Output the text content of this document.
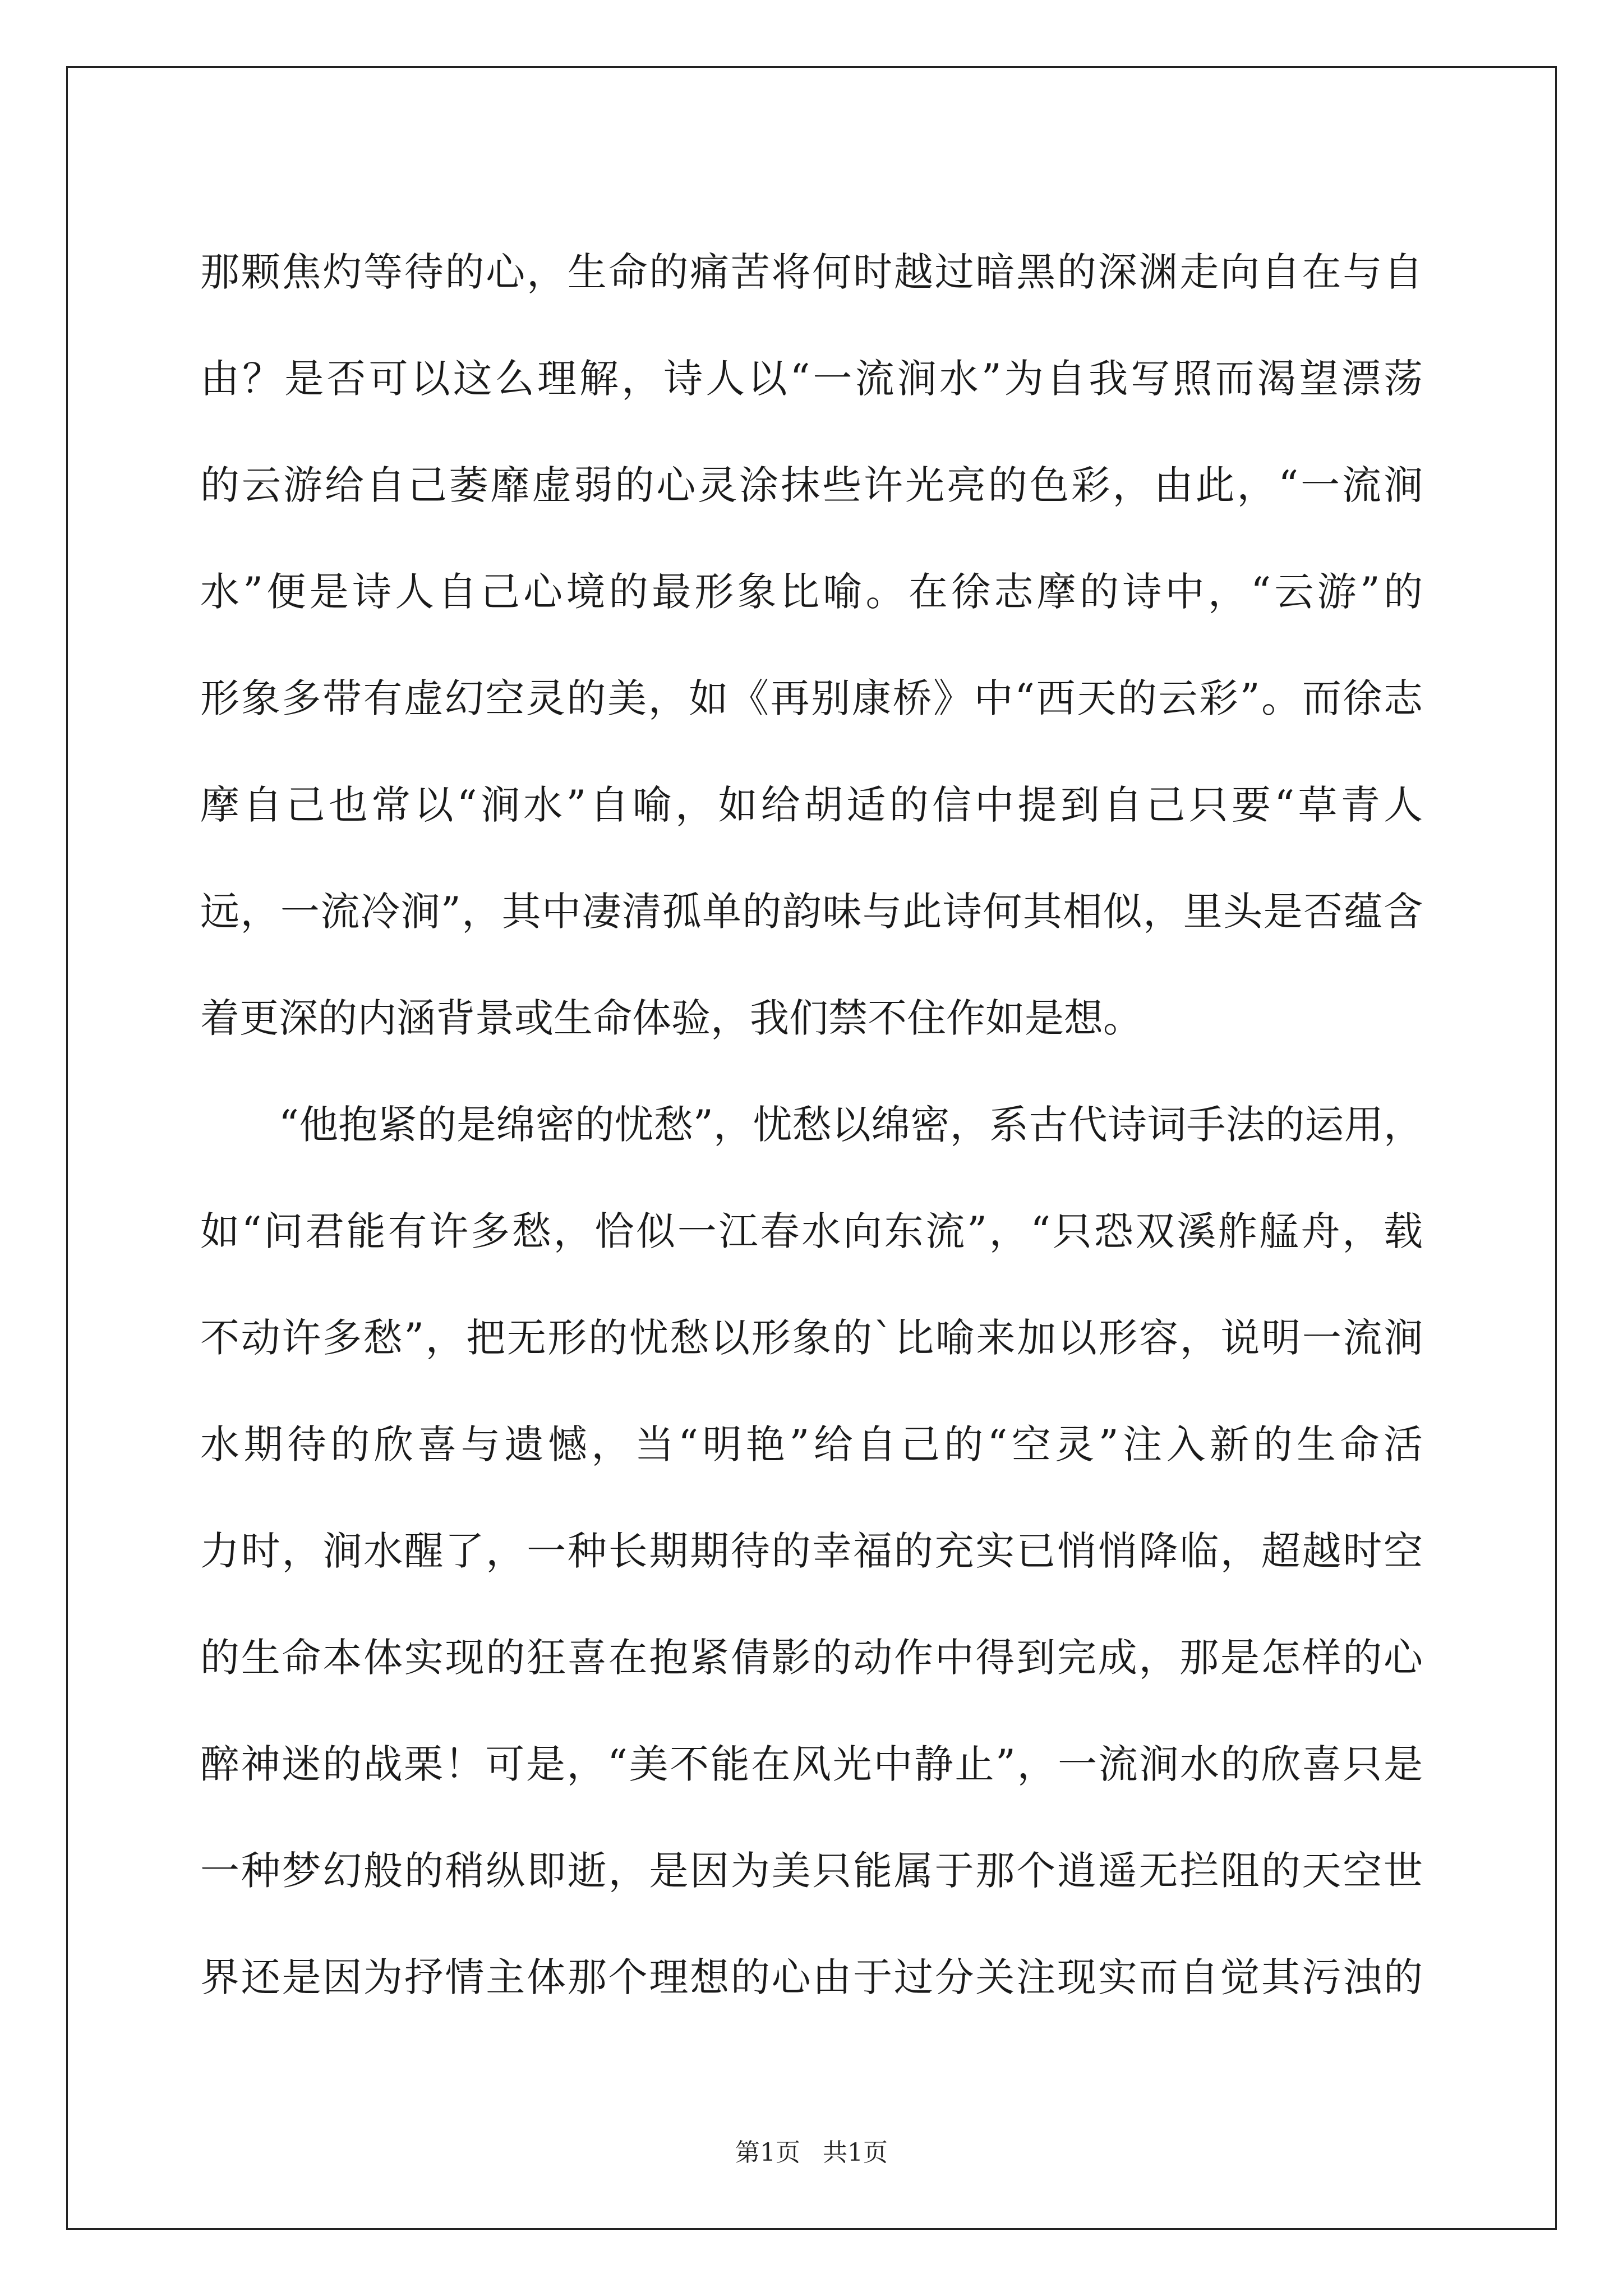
那颗焦灼等待的心，生命的痛苦将何时越过暗黑的深渊走向自在与自
由？是否可以这么理解，诗人以“一流涧水”为自我写照而渴望漂荡
的云游给自己萎靡虚弱的心灵涂抹些许光亮的色彩，由此，“一流涧
水”便是诗人自己心境的最形象比喻。在徐志摩的诗中，“云游”的
形象多带有虚幻空灵的美，如《再别康桥》中“西天的云彩”。而徐志
摩自己也常以“涧水”自喻，如给胡适的信中提到自己只要“草青人
远，一流冷涧”，其中凄清孤单的韵味与此诗何其相似，里头是否蕴含
着更深的内涵背景或生命体验，我们禁不住作如是想。
“他抱紧的是绵密的忧愁”，忧愁以绵密，系古代诗词手法的运用，
如“问君能有许多愁，恰似一江春水向东流”，“只恐双溪舴艋舟，载
不动许多愁”，把无形的忧愁以形象的`比喻来加以形容，说明一流涧
水期待的欣喜与遗憾，当“明艳”给自己的“空灵”注入新的生命活
力时，涧水醒了，一种长期期待的幸福的充实已悄悄降临，超越时空
的生命本体实现的狂喜在抱紧倩影的动作中得到完成，那是怎样的心
醉神迷的战栗！可是，“美不能在风光中静止”，一流涧水的欣喜只是
一种梦幻般的稍纵即逝，是因为美只能属于那个逍遥无拦阻的天空世
界还是因为抒情主体那个理想的心由于过分关注现实而自觉其污浊的
第1页 共1页
